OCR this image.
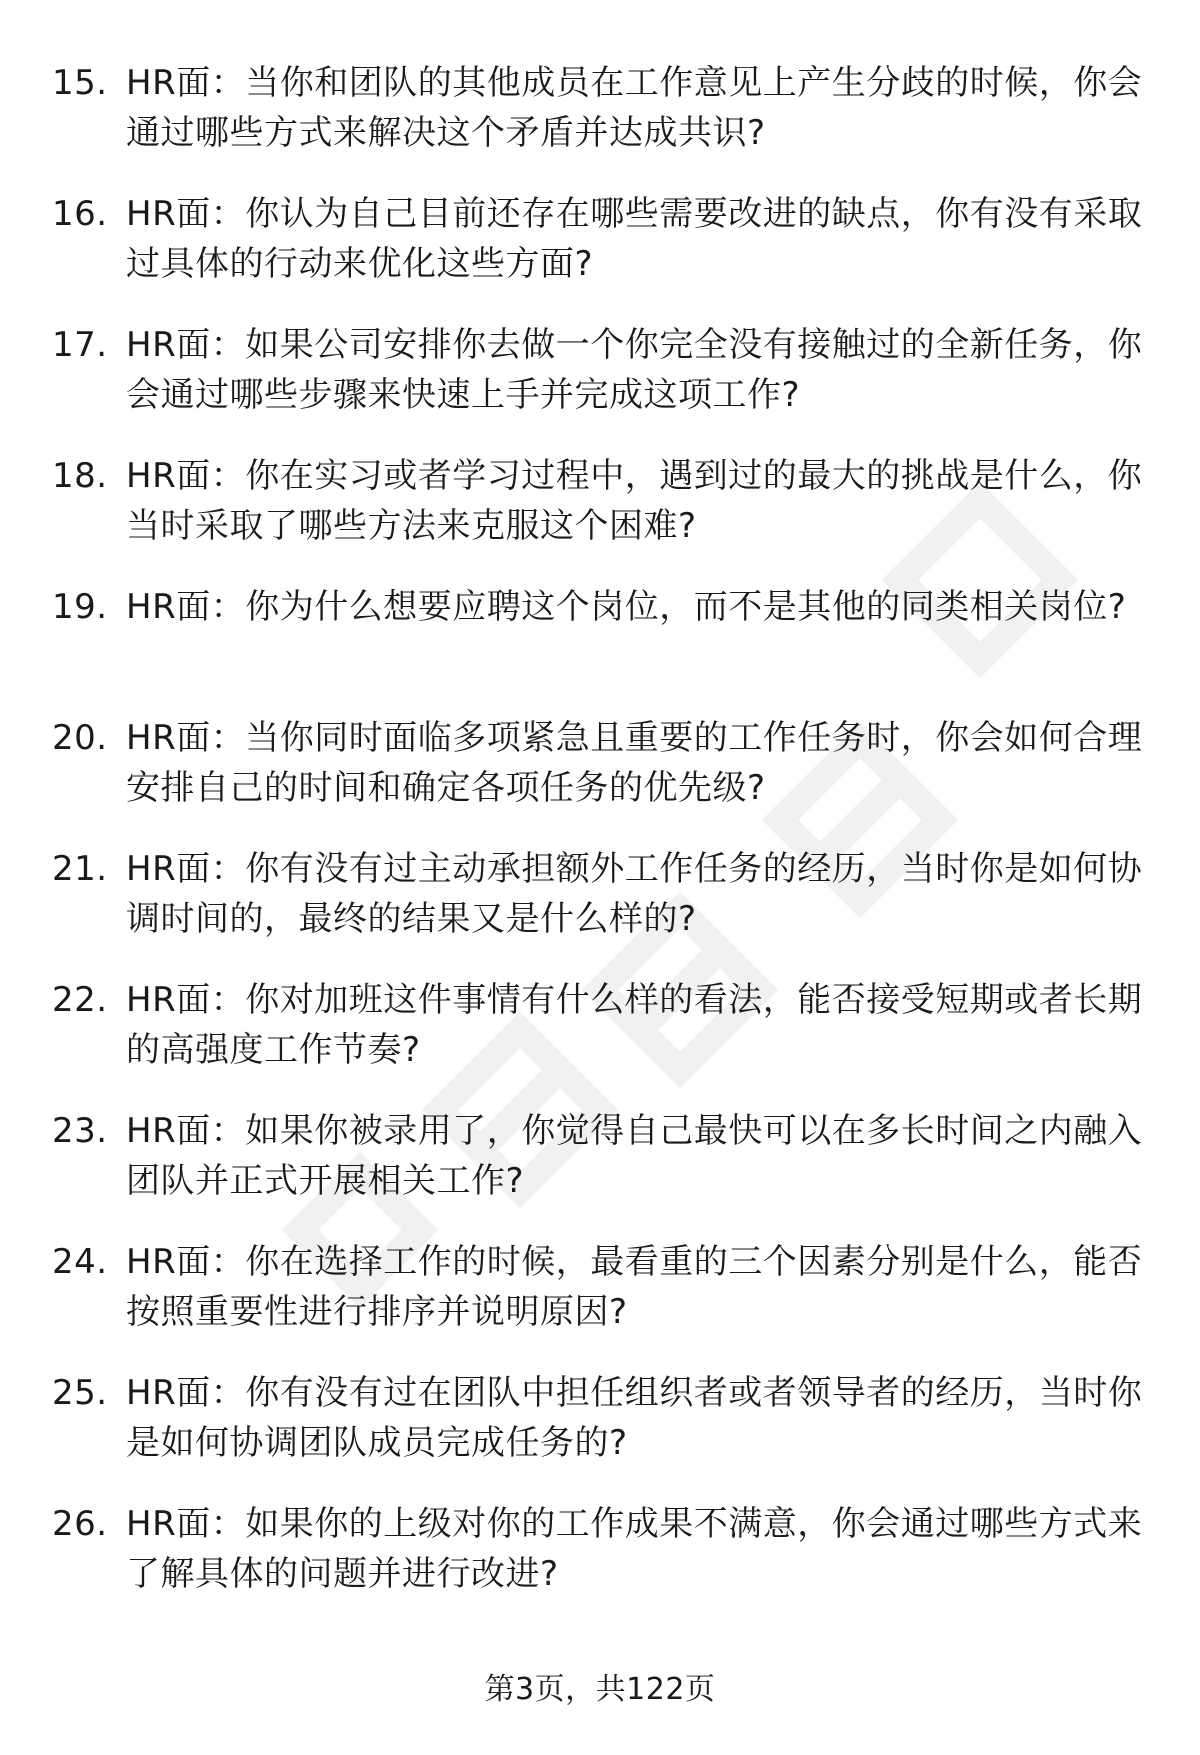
15. HR面：当你和团队的其他成员在工作意见上产生分歧的时候，你会通过哪些方式来解决这个矛盾并达成共识?
16. HR面：你认为自己目前还存在哪些需要改进的缺点，你有没有采取过具体的行动来优化这些方面?
17. HR面：如果公司安排你去做一个你完全没有接触过的全新任务，你会通过哪些步骤来快速上手并完成这项工作?
18. HR面：你在实习或者学习过程中，遇到过的最大的挑战是什么，你当时采取了哪些方法来克服这个困难?
19. HR面：你为什么想要应聘这个岗位，而不是其他的同类相关岗位?
20. HR面：当你同时面临多项紧急且重要的工作任务时，你会如何合理安排自己的时间和确定各项任务的优先级?
21. HR面：你有没有过主动承担额外工作任务的经历，当时你是如何协调时间的，最终的结果又是什么样的?
22. HR面：你对加班这件事情有什么样的看法，能否接受短期或者长期的高强度工作节奏?
23. HR面：如果你被录用了，你觉得自己最快可以在多长时间之内融入团队并正式开展相关工作?
24. HR面：你在选择工作的时候，最看重的三个因素分别是什么，能否按照重要性进行排序并说明原因?
25. HR面：你有没有过在团队中担任组织者或者领导者的经历，当时你是如何协调团队成员完成任务的?
26. HR面：如果你的上级对你的工作成果不满意，你会通过哪些方式来了解具体的问题并进行改进?
第3页，共122页
